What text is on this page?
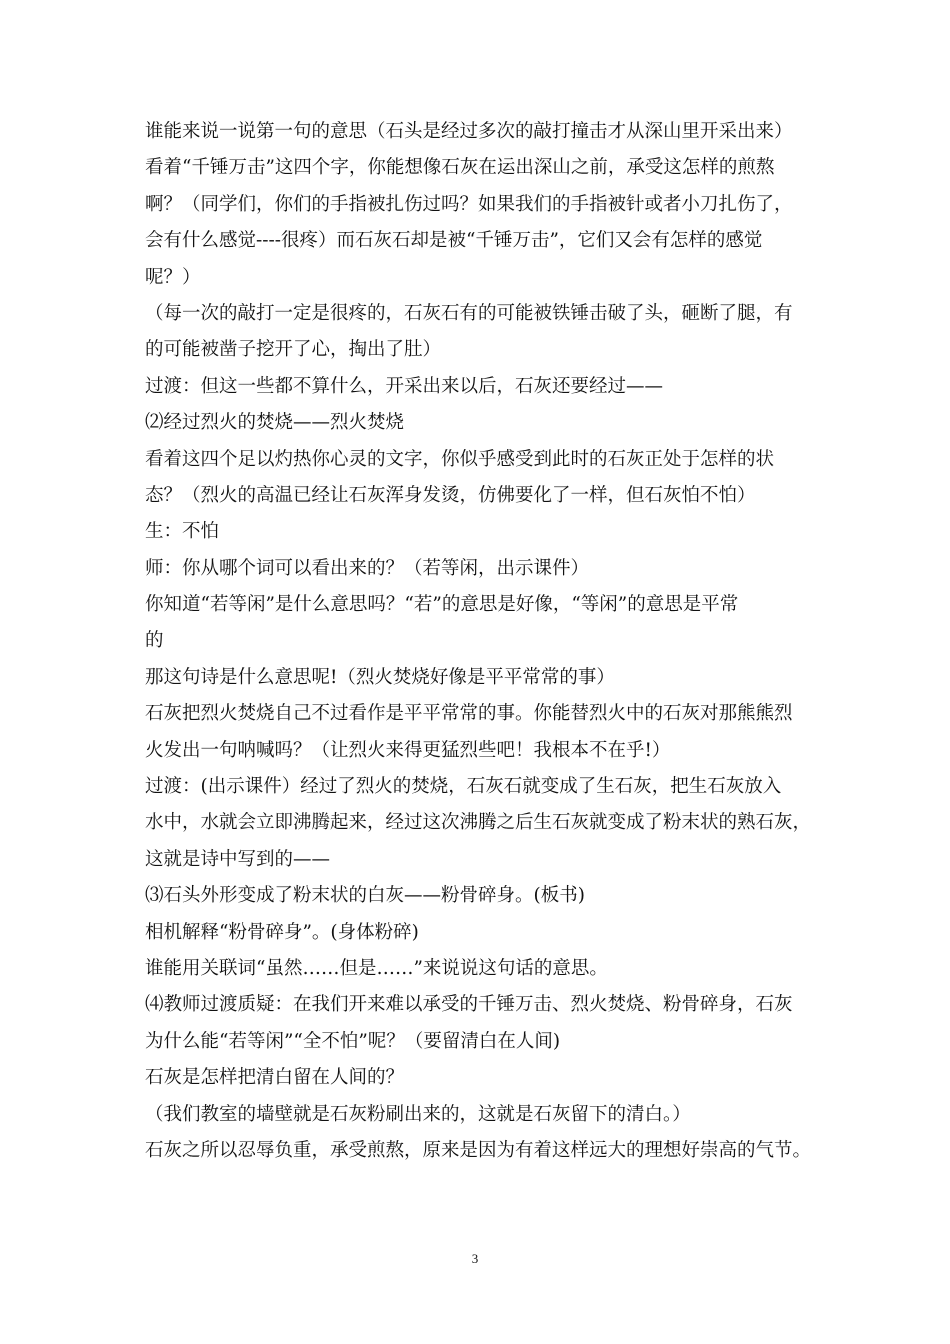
谁能来说一说第一句的意思（石头是经过多次的敲打撞击才从深山里开采出来）
看着“千锤万击”这四个字，你能想像石灰在运出深山之前，承受这怎样的煎熬
啊？（同学们，你们的手指被扎伤过吗？如果我们的手指被针或者小刀扎伤了，
会有什么感觉----很疼）而石灰石却是被“千锤万击”，它们又会有怎样的感觉
呢？）
（每一次的敲打一定是很疼的，石灰石有的可能被铁锤击破了头，砸断了腿，有
的可能被凿子挖开了心，掏出了肚）
过渡：但这一些都不算什么，开采出来以后，石灰还要经过——
⑵经过烈火的焚烧——烈火焚烧
看着这四个足以灼热你心灵的文字，你似乎感受到此时的石灰正处于怎样的状
态？（烈火的高温已经让石灰浑身发烫，仿佛要化了一样，但石灰怕不怕）
生：不怕
师：你从哪个词可以看出来的？（若等闲，出示课件）
你知道“若等闲”是什么意思吗？“若”的意思是好像，“等闲”的意思是平常
的
那这句诗是什么意思呢!（烈火焚烧好像是平平常常的事）
石灰把烈火焚烧自己不过看作是平平常常的事。你能替烈火中的石灰对那熊熊烈
火发出一句呐喊吗？（让烈火来得更猛烈些吧！我根本不在乎!）
过渡：(出示课件）经过了烈火的焚烧，石灰石就变成了生石灰，把生石灰放入
水中，水就会立即沸腾起来，经过这次沸腾之后生石灰就变成了粉末状的熟石灰，
这就是诗中写到的——
⑶石头外形变成了粉末状的白灰——粉骨碎身。(板书)
相机解释“粉骨碎身”。(身体粉碎)
谁能用关联词“虽然……但是……”来说说这句话的意思。
⑷教师过渡质疑：在我们开来难以承受的千锤万击、烈火焚烧、粉骨碎身，石灰
为什么能“若等闲”“全不怕”呢？（要留清白在人间)
石灰是怎样把清白留在人间的？
（我们教室的墙壁就是石灰粉刷出来的，这就是石灰留下的清白。）
石灰之所以忍辱负重，承受煎熬，原来是因为有着这样远大的理想好崇高的气节。
3
